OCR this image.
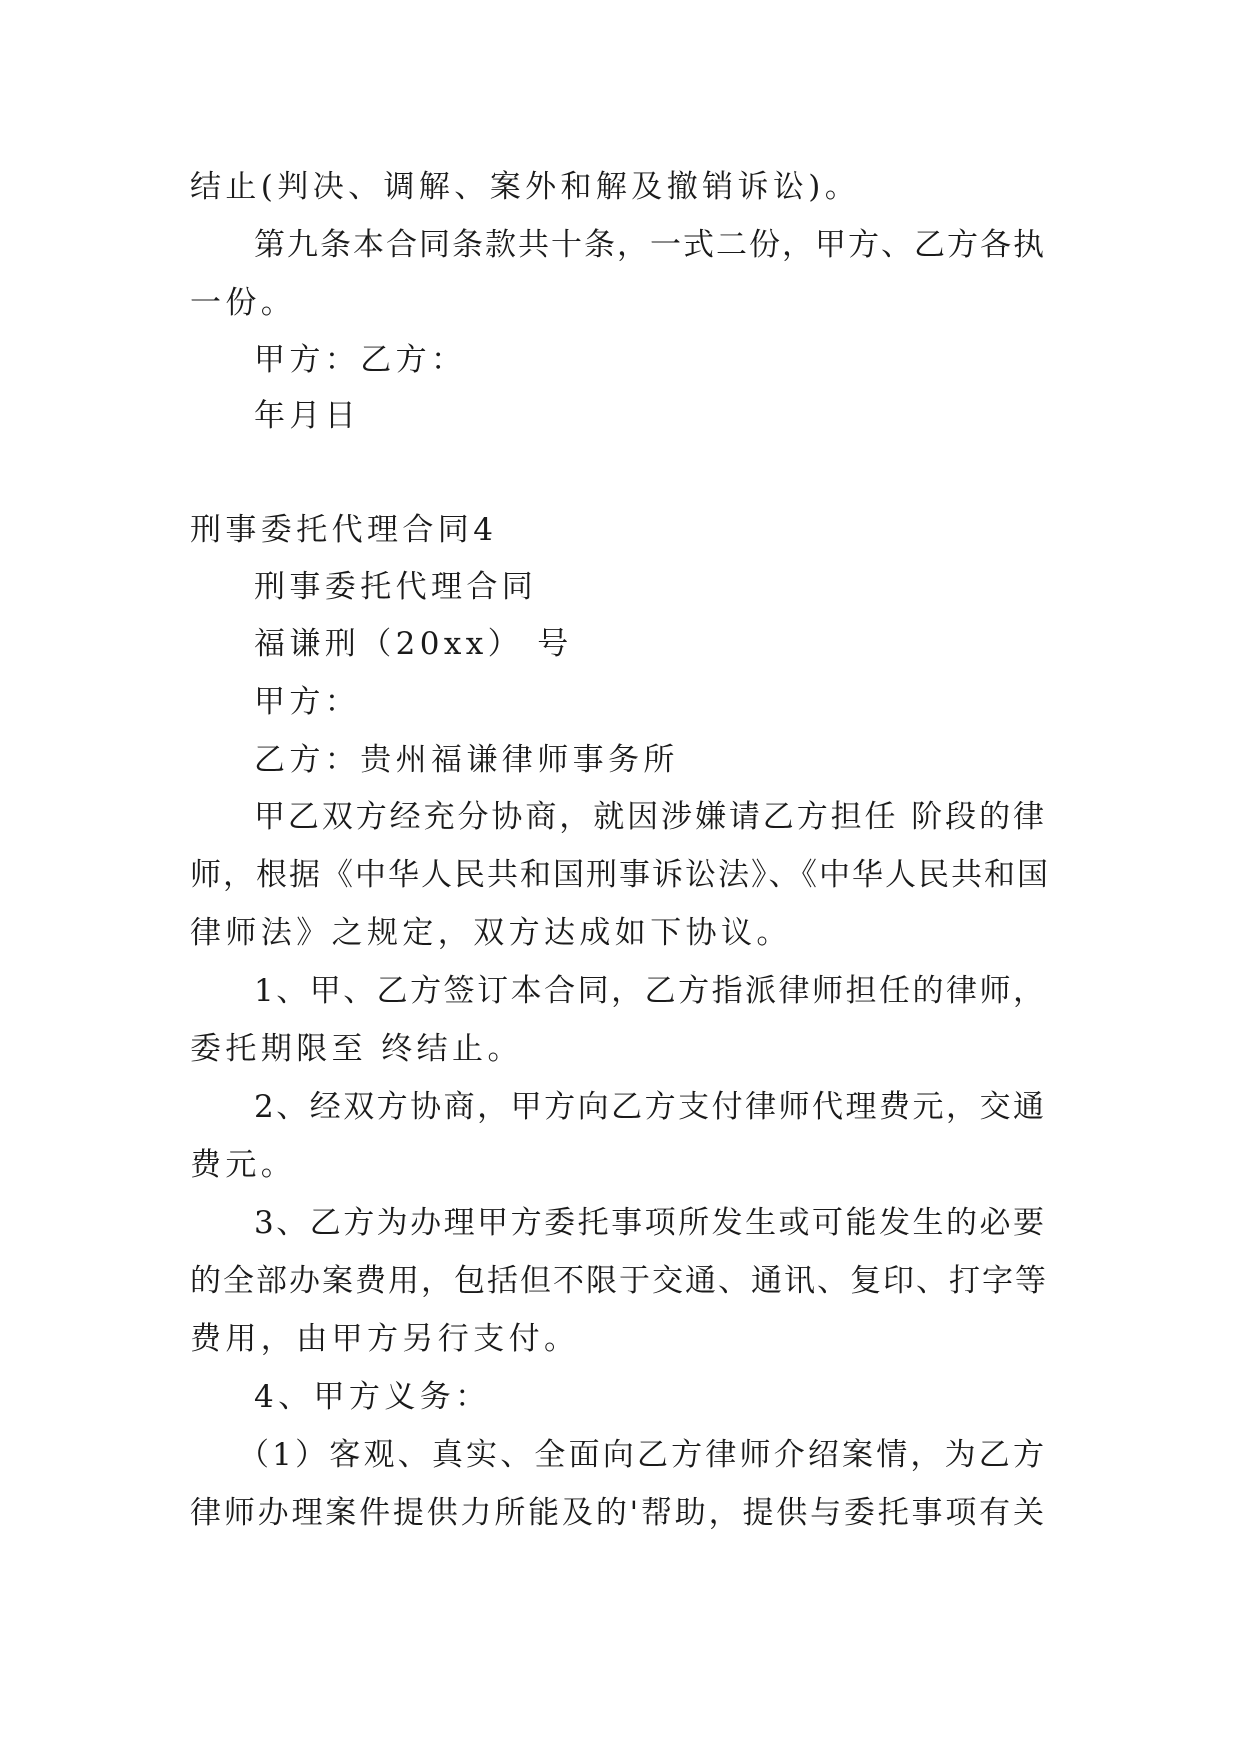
结止(判决、调解、案外和解及撤销诉讼)。
第九条本合同条款共十条，一式二份，甲方、乙方各执
一份。
甲方：乙方：
年月日
刑事委托代理合同4
刑事委托代理合同
福谦刑（20xx） 号
甲方：
乙方：贵州福谦律师事务所
甲乙双方经充分协商，就因涉嫌请乙方担任 阶段的律
师，根据《中华人民共和国刑事诉讼法》、《中华人民共和国
律师法》之规定，双方达成如下协议。
1、甲、乙方签订本合同，乙方指派律师担任的律师，
委托期限至 终结止。
2、经双方协商，甲方向乙方支付律师代理费元，交通
费元。
3、乙方为办理甲方委托事项所发生或可能发生的必要
的全部办案费用，包括但不限于交通、通讯、复印、打字等
费用，由甲方另行支付。
4、甲方义务：
（1）客观、真实、全面向乙方律师介绍案情，为乙方
律师办理案件提供力所能及的'帮助，提供与委托事项有关
